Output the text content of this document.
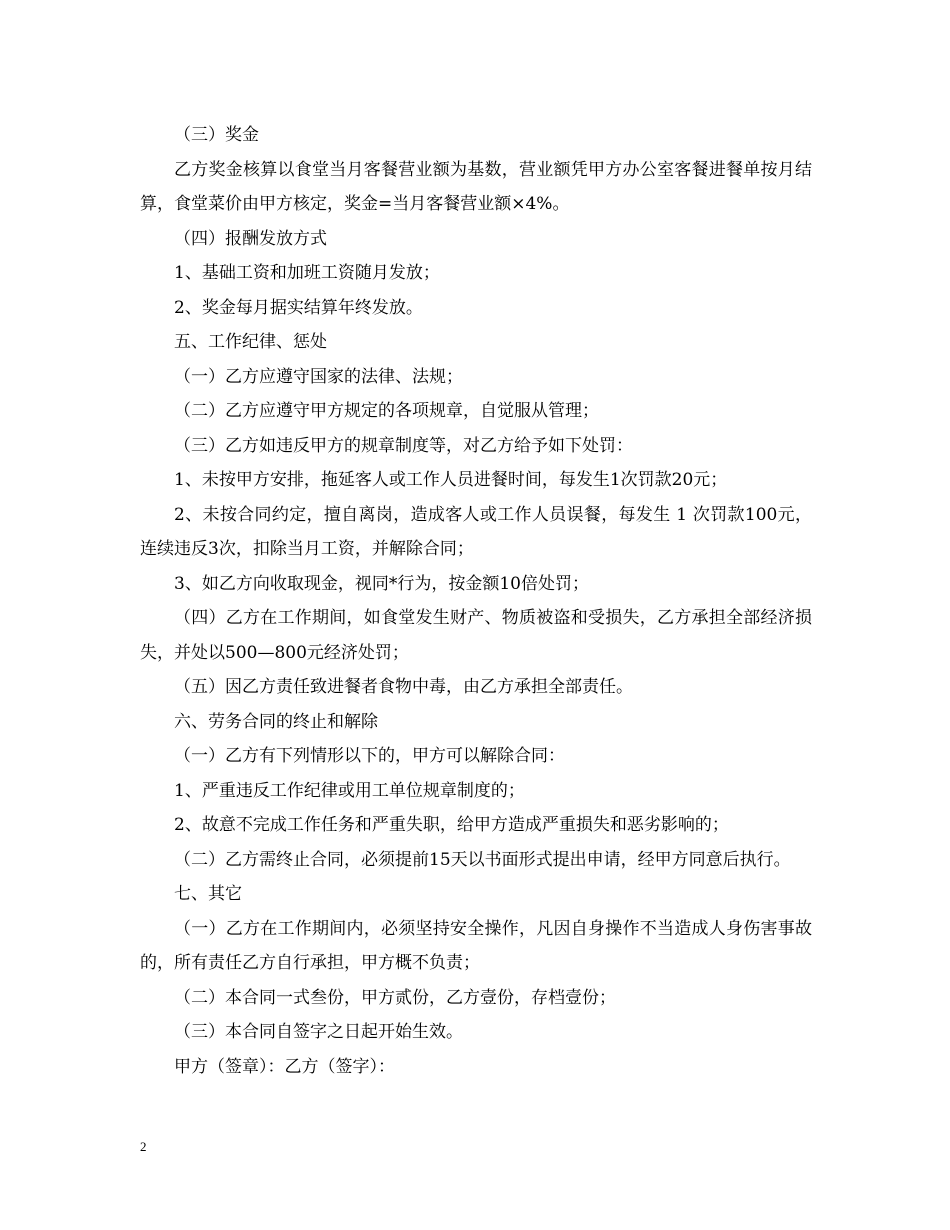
（三）奖金

乙方奖金核算以食堂当月客餐营业额为基数，营业额凭甲方办公室客餐进餐单按月结算，食堂菜价由甲方核定，奖金=当月客餐营业额×4%。

（四）报酬发放方式

1、基础工资和加班工资随月发放；

2、奖金每月据实结算年终发放。

五、工作纪律、惩处

（一）乙方应遵守国家的法律、法规；

（二）乙方应遵守甲方规定的各项规章，自觉服从管理；

（三）乙方如违反甲方的规章制度等，对乙方给予如下处罚：

1、未按甲方安排，拖延客人或工作人员进餐时间，每发生1次罚款20元；

2、未按合同约定，擅自离岗，造成客人或工作人员误餐，每发生 1 次罚款100元，连续违反3次，扣除当月工资，并解除合同；

3、如乙方向收取现金，视同*行为，按金额10倍处罚；

（四）乙方在工作期间，如食堂发生财产、物质被盗和受损失，乙方承担全部经济损失，并处以500—800元经济处罚；

（五）因乙方责任致进餐者食物中毒，由乙方承担全部责任。

六、劳务合同的终止和解除

（一）乙方有下列情形以下的，甲方可以解除合同：

1、严重违反工作纪律或用工单位规章制度的；

2、故意不完成工作任务和严重失职，给甲方造成严重损失和恶劣影响的；

（二）乙方需终止合同，必须提前15天以书面形式提出申请，经甲方同意后执行。

七、其它

（一）乙方在工作期间内，必须坚持安全操作，凡因自身操作不当造成人身伤害事故的，所有责任乙方自行承担，甲方概不负责；

（二）本合同一式叁份，甲方贰份，乙方壹份，存档壹份；

（三）本合同自签字之日起开始生效。

甲方（签章）：乙方（签字）：

2
